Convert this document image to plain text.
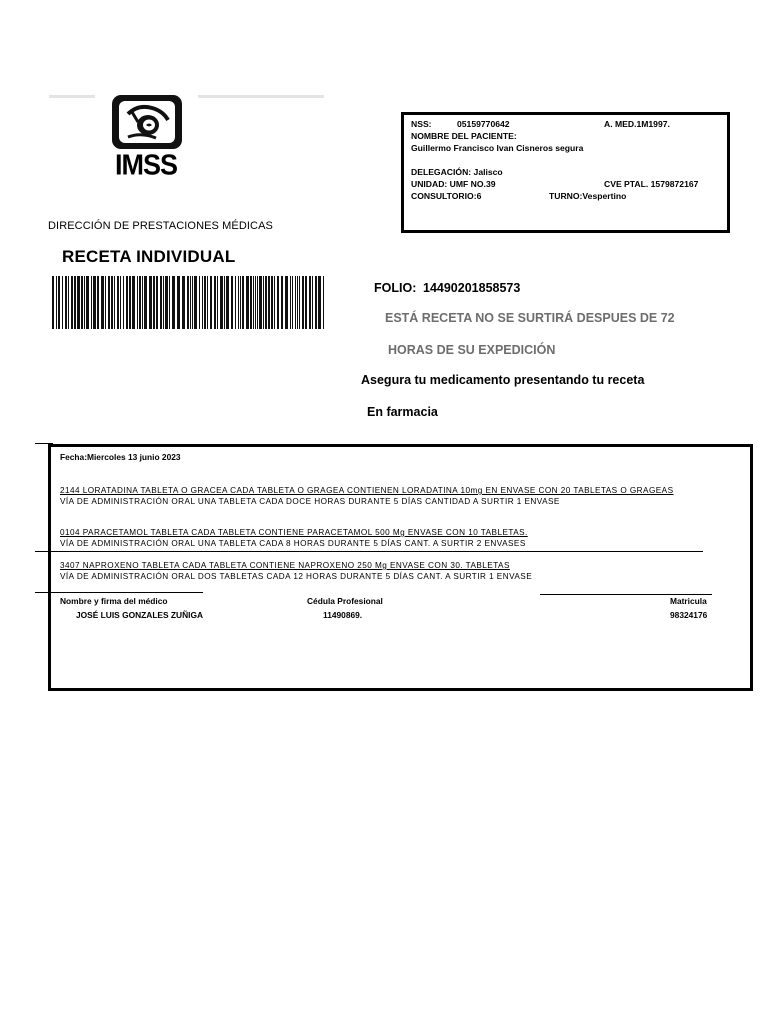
IMSS
DIRECCIÓN DE PRESTACIONES MÉDICAS
RECETA INDIVIDUAL
NSS:	05159770642	A. MED.1M1997.
NOMBRE DEL PACIENTE:
Guillermo Francisco Ivan Cisneros segura
DELEGACIÓN: Jalisco
UNIDAD: UMF NO.39	CVE PTAL. 1579872167
CONSULTORIO:6	TURNO:Vespertino
FOLIO: 14490201858573
ESTÁ RECETA NO SE SURTIRÁ DESPUES DE 72
HORAS DE SU EXPEDICIÓN
Asegura tu medicamento presentando tu receta
En farmacia
Fecha:Miercoles 13 junio 2023
2144 LORATADINA TABLETA O GRACEA CADA TABLETA O GRAGEA CONTIENEN LORADATINA 10mg EN ENVASE CON 20 TABLETAS O GRAGEAS
VÍA DE ADMINISTRACIÓN ORAL UNA TABLETA CADA DOCE HORAS DURANTE 5 DÍAS CANTIDAD A SURTIR 1 ENVASE
0104 PARACETAMOL TABLETA CADA TABLETA CONTIENE PARACETAMOL 500 Mg ENVASE CON 10 TABLETAS.
VÍA DE ADMINISTRACIÓN ORAL UNA TABLETA CADA 8 HORAS DURANTE 5 DÍAS CANT. A SURTIR 2 ENVASES
3407 NAPROXENO TABLETA CADA TABLETA CONTIENE NAPROXENO 250 Mg ENVASE CON 30. TABLETAS
VÍA DE ADMINISTRACIÓN ORAL DOS TABLETAS CADA 12 HORAS DURANTE 5 DÍAS CANT. A SURTIR 1 ENVASE
Nombre y firma del médico	Cédula Profesional	Matricula
JOSÉ LUIS GONZALES ZUÑIGA	11490869.	98324176
